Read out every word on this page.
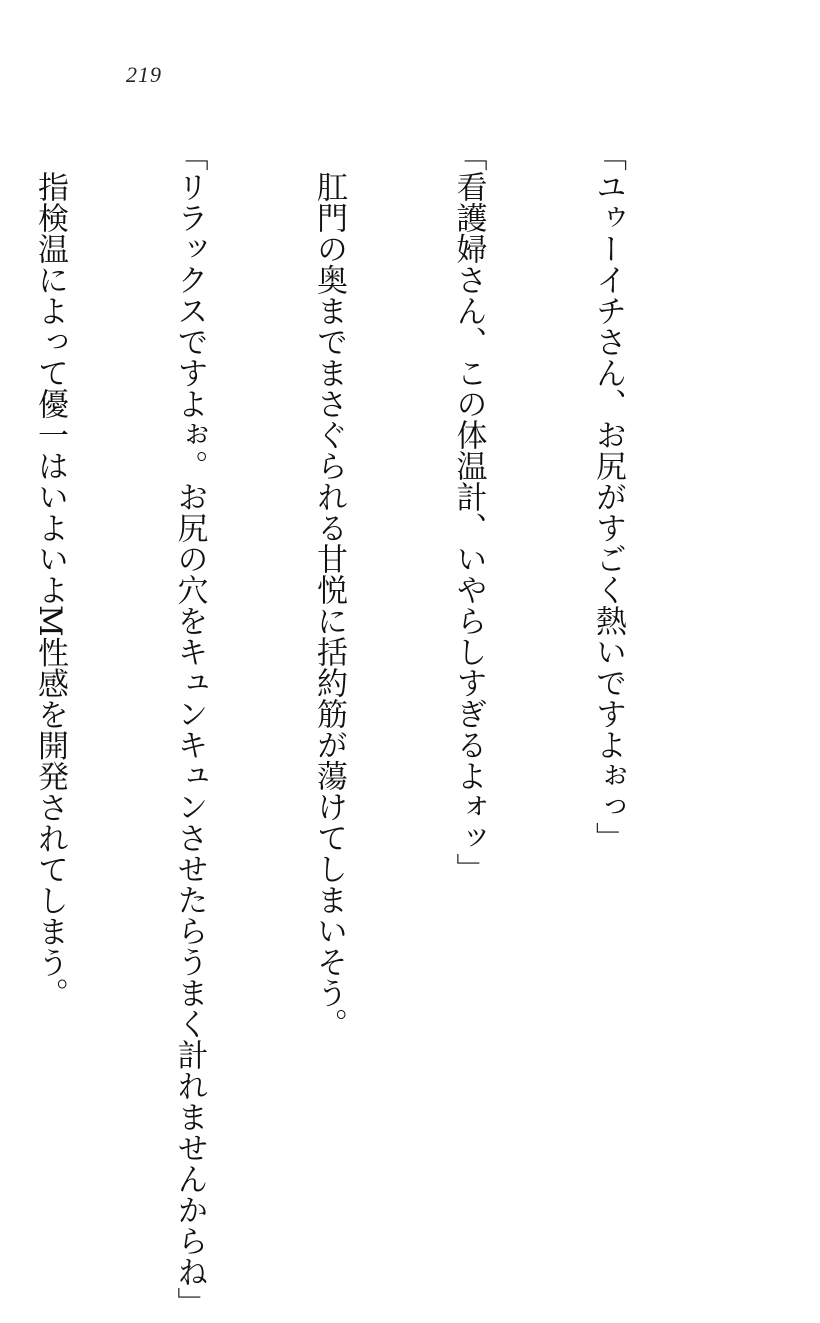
219

「ユゥーイチさん、お尻がすごく熱いですよぉっ」

「看護婦さん、この体温計、いやらしすぎるよォッ」

　肛門の奥までまさぐられる甘悦に括約筋が蕩けてしまいそう。

「リラックスですよぉ。お尻の穴をキュンキュンさせたらうまく計れませんからね」

　指検温によって優一はいよいよM性感を開発されてしまう。
